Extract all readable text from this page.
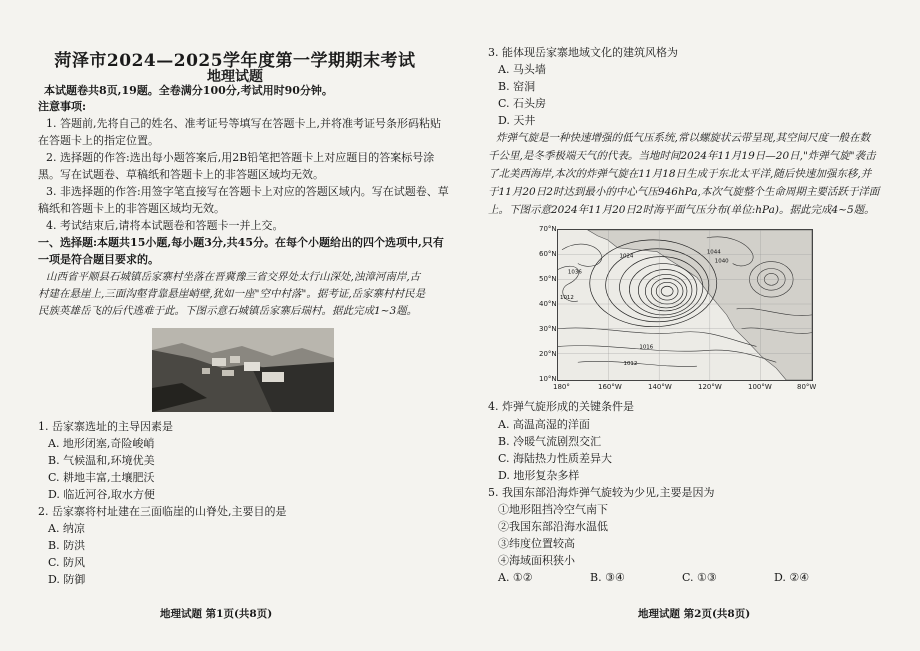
菏泽市2024—2025学年度第一学期期末考试
地理试题
本试题卷共8页,19题。全卷满分100分,考试用时90分钟。
注意事项:
1. 答题前,先将自己的姓名、准考证号等填写在答题卡上,并将准考证号条形码粘贴
在答题卡上的指定位置。
2. 选择题的作答:选出每小题答案后,用2B铅笔把答题卡上对应题目的答案标号涂
黑。写在试题卷、草稿纸和答题卡上的非答题区域均无效。
3. 非选择题的作答:用签字笔直接写在答题卡上对应的答题区域内。写在试题卷、草
稿纸和答题卡上的非答题区域均无效。
4. 考试结束后,请将本试题卷和答题卡一并上交。
一、选择题:本题共15小题,每小题3分,共45分。在每个小题给出的四个选项中,只有
一项是符合题目要求的。
山西省平顺县石城镇岳家寨村坐落在晋冀豫三省交界处太行山深处,浊漳河南岸,古
村建在悬崖上,三面沟壑背靠悬崖峭壁,犹如一座"空中村落"。据考证,岳家寨村村民是
民族英雄岳飞的后代逃难于此。下图示意石城镇岳家寨后瑞村。据此完成1~3题。
1. 岳家寨选址的主导因素是
A. 地形闭塞,奇险峻峭
B. 气候温和,环境优美
C. 耕地丰富,土壤肥沃
D. 临近河谷,取水方便
2. 岳家寨将村址建在三面临崖的山脊处,主要目的是
A. 纳凉
B. 防洪
C. 防风
D. 防御
地理试题 第1页(共8页)
3. 能体现岳家寨地域文化的建筑风格为
A. 马头墙
B. 窑洞
C. 石头房
D. 天井
炸弹气旋是一种快速增强的低气压系统,常以螺旋状云带呈现,其空间尺度一般在数
千公里,是冬季极端天气的代表。当地时间2024年11月19日—20日,"炸弹气旋"袭击
了北美西海岸,本次的炸弹气旋在11月18日生成于东北太平洋,随后快速加强东移,并
于11月20日2时达到最小的中心气压946hPa,本次气旋整个生命周期主要活跃于洋面
上。下图示意2024年11月20日2时海平面气压分布(单位:hPa)。据此完成4~5题。
70°N
60°N
50°N
40°N
30°N
20°N
10°N
1036
1024
1044
1040
1012
1016
1012
180°	160°W	140°W	120°W	100°W	80°W
4. 炸弹气旋形成的关键条件是
A. 高温高湿的洋面
B. 冷暖气流剧烈交汇
C. 海陆热力性质差异大
D. 地形复杂多样
5. 我国东部沿海炸弹气旋较为少见,主要是因为
①地形阻挡冷空气南下
②我国东部沿海水温低
③纬度位置较高
④海域面积狭小
A. ①②	B. ③④	C. ①③	D. ②④
地理试题 第2页(共8页)
